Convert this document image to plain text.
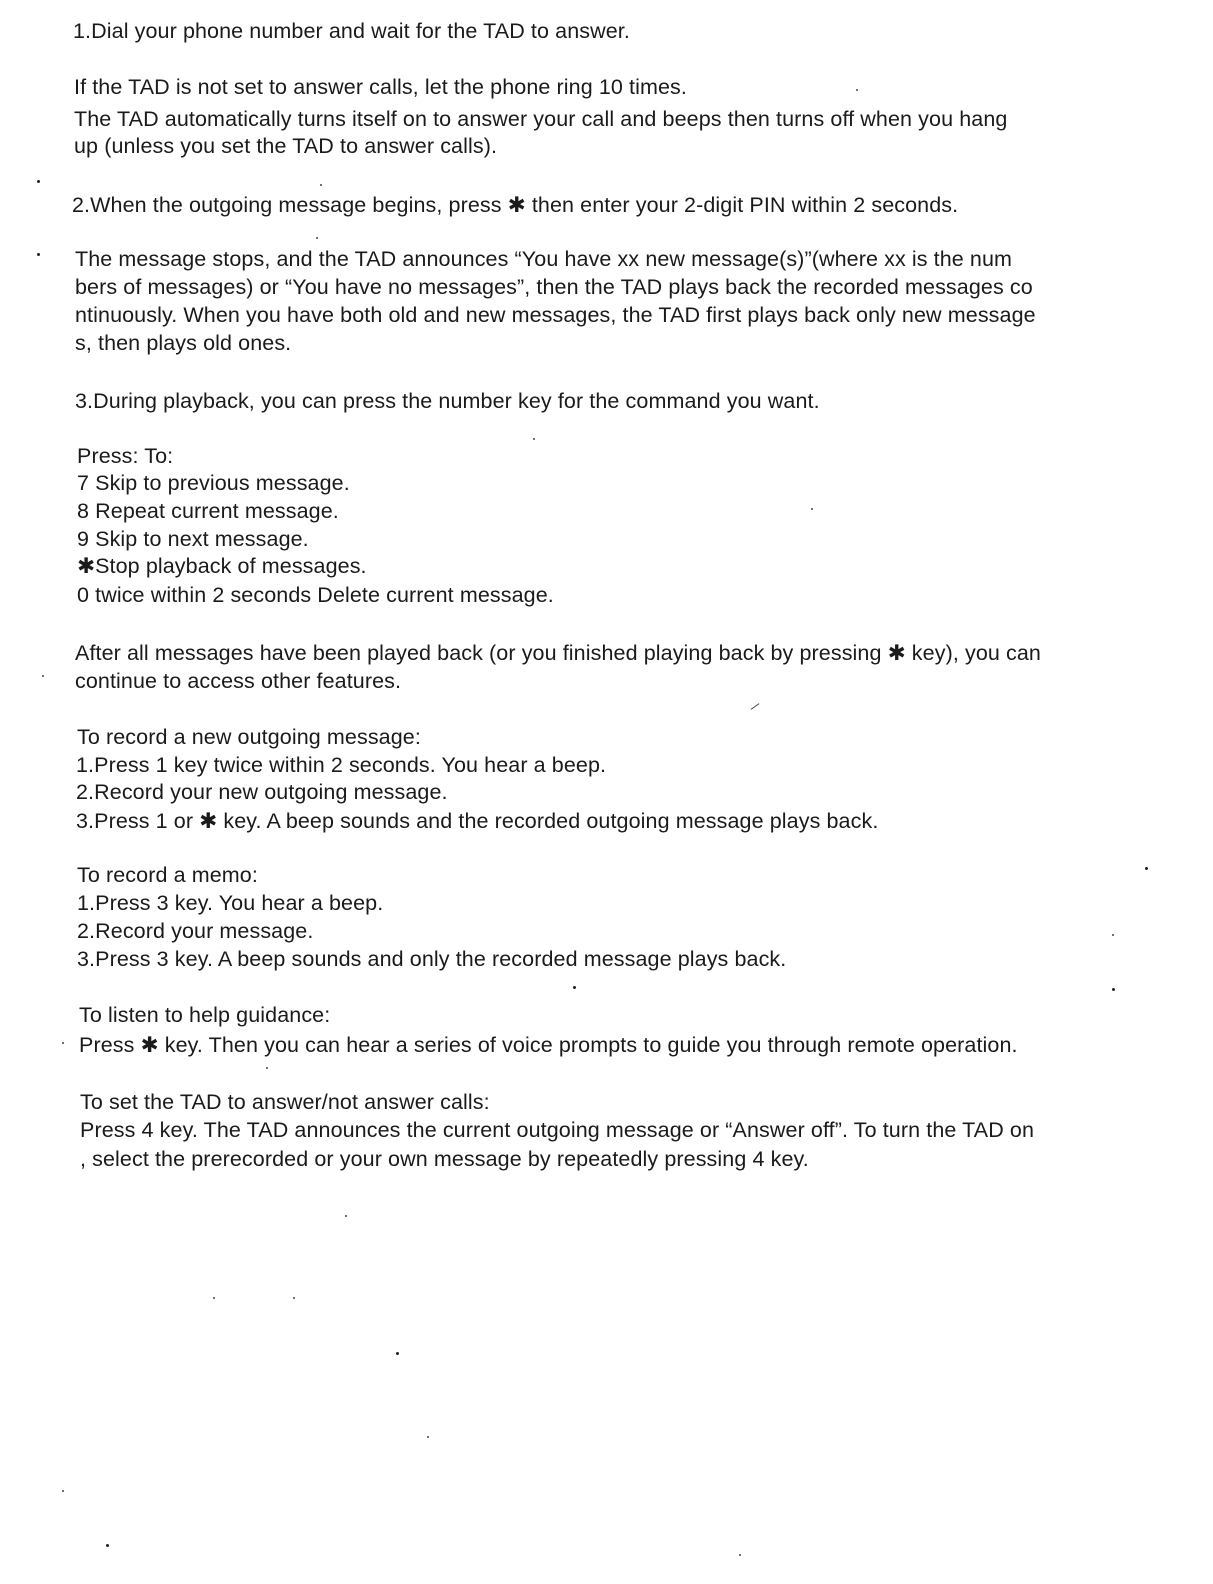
1.Dial your phone number and wait for the TAD to answer.
If the TAD is not set to answer calls, let the phone ring 10 times.
The TAD automatically turns itself on to answer your call and beeps then turns off when you hang
up (unless you set the TAD to answer calls).
2.When the outgoing message begins, press ✱ then enter your 2-digit PIN within 2 seconds.
The message stops, and the TAD announces “You have xx new message(s)”(where xx is the num
bers of messages) or “You have no messages”, then the TAD plays back the recorded messages co
ntinuously. When you have both old and new messages, the TAD first plays back only new message
s, then plays old ones.
3.During playback, you can press the number key for the command you want.
Press: To:
7 Skip to previous message.
8 Repeat current message.
9 Skip to next message.
✱Stop playback of messages.
0 twice within 2 seconds Delete current message.
After all messages have been played back (or you finished playing back by pressing ✱ key), you can
continue to access other features.
To record a new outgoing message:
1.Press 1 key twice within 2 seconds. You hear a beep.
2.Record your new outgoing message.
3.Press 1 or ✱ key. A beep sounds and the recorded outgoing message plays back.
To record a memo:
1.Press 3 key. You hear a beep.
2.Record your message.
3.Press 3 key. A beep sounds and only the recorded message plays back.
To listen to help guidance:
Press ✱ key. Then you can hear a series of voice prompts to guide you through remote operation.
To set the TAD to answer/not answer calls:
Press 4 key. The TAD announces the current outgoing message or “Answer off”. To turn the TAD on
, select the prerecorded or your own message by repeatedly pressing 4 key.
